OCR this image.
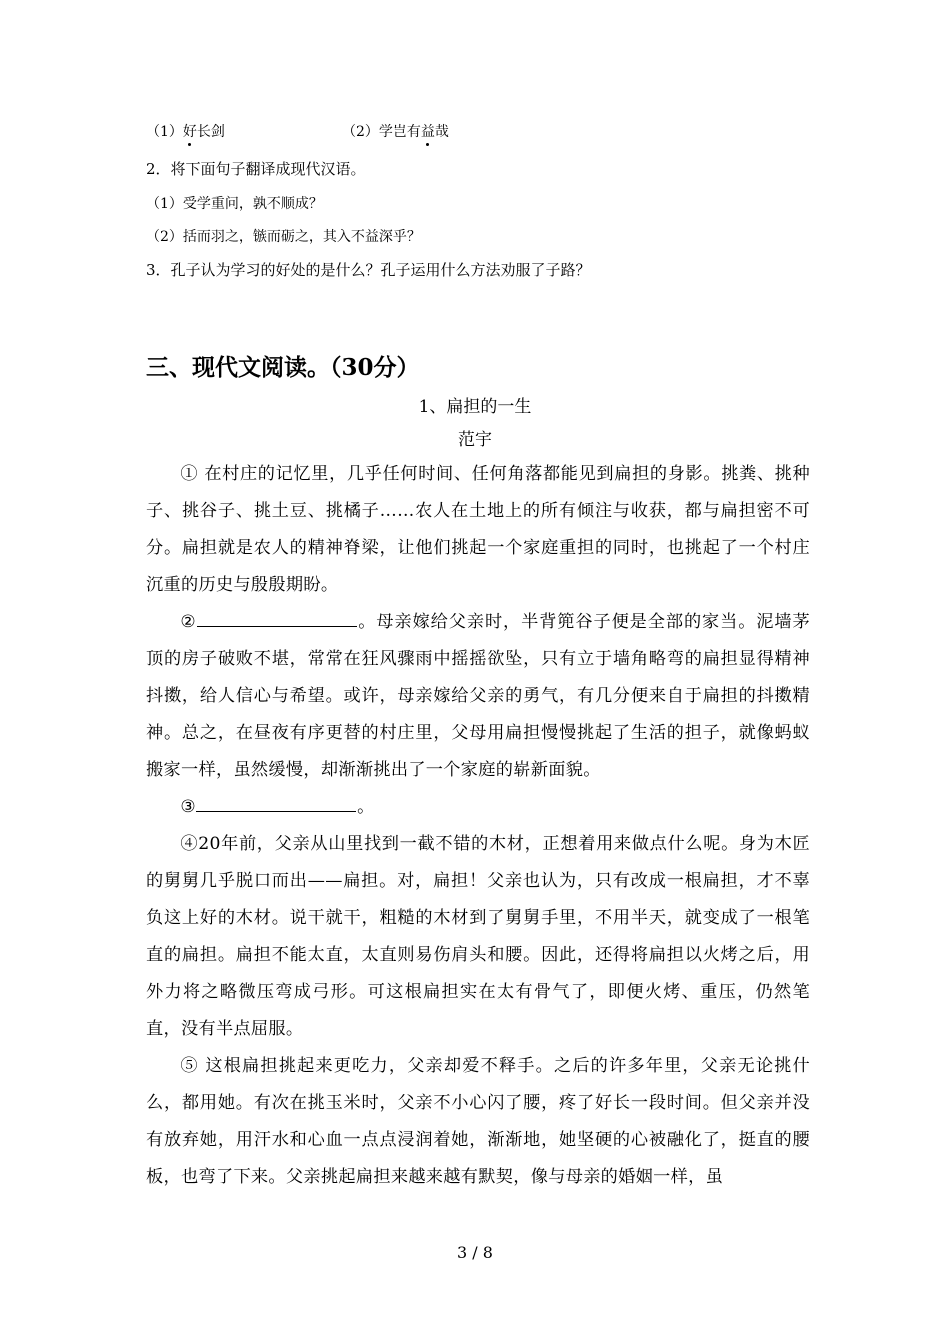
（1）好长剑	（2）学岂有益哉
2．将下面句子翻译成现代汉语。
（1）受学重问，孰不顺成？
（2）括而羽之，镞而砺之，其入不益深乎？
3．孔子认为学习的好处的是什么？孔子运用什么方法劝服了子路？
三、现代文阅读。（30分）
1、扁担的一生
范宇

① 在村庄的记忆里，几乎任何时间、任何角落都能见到扁担的身影。挑粪、挑种子、挑谷子、挑土豆、挑橘子……农人在土地上的所有倾注与收获，都与扁担密不可分。扁担就是农人的精神脊梁，让他们挑起一个家庭重担的同时，也挑起了一个村庄沉重的历史与殷殷期盼。

②	。母亲嫁给父亲时，半背篼谷子便是全部的家当。泥墙茅顶的房子破败不堪，常常在狂风骤雨中摇摇欲坠，只有立于墙角略弯的扁担显得精神抖擞，给人信心与希望。或许，母亲嫁给父亲的勇气，有几分便来自于扁担的抖擞精神。总之，在昼夜有序更替的村庄里，父母用扁担慢慢挑起了生活的担子，就像蚂蚁搬家一样，虽然缓慢，却渐渐挑出了一个家庭的崭新面貌。

③	。

④20年前，父亲从山里找到一截不错的木材，正想着用来做点什么呢。身为木匠的舅舅几乎脱口而出——扁担。对，扁担！父亲也认为，只有改成一根扁担，才不辜负这上好的木材。说干就干，粗糙的木材到了舅舅手里，不用半天，就变成了一根笔直的扁担。扁担不能太直，太直则易伤肩头和腰。因此，还得将扁担以火烤之后，用外力将之略微压弯成弓形。可这根扁担实在太有骨气了，即便火烤、重压，仍然笔直，没有半点屈服。

⑤ 这根扁担挑起来更吃力，父亲却爱不释手。之后的许多年里，父亲无论挑什么，都用她。有次在挑玉米时，父亲不小心闪了腰，疼了好长一段时间。但父亲并没有放弃她，用汗水和心血一点点浸润着她，渐渐地，她坚硬的心被融化了，挺直的腰板，也弯了下来。父亲挑起扁担来越来越有默契，像与母亲的婚姻一样，虽

3 / 8
